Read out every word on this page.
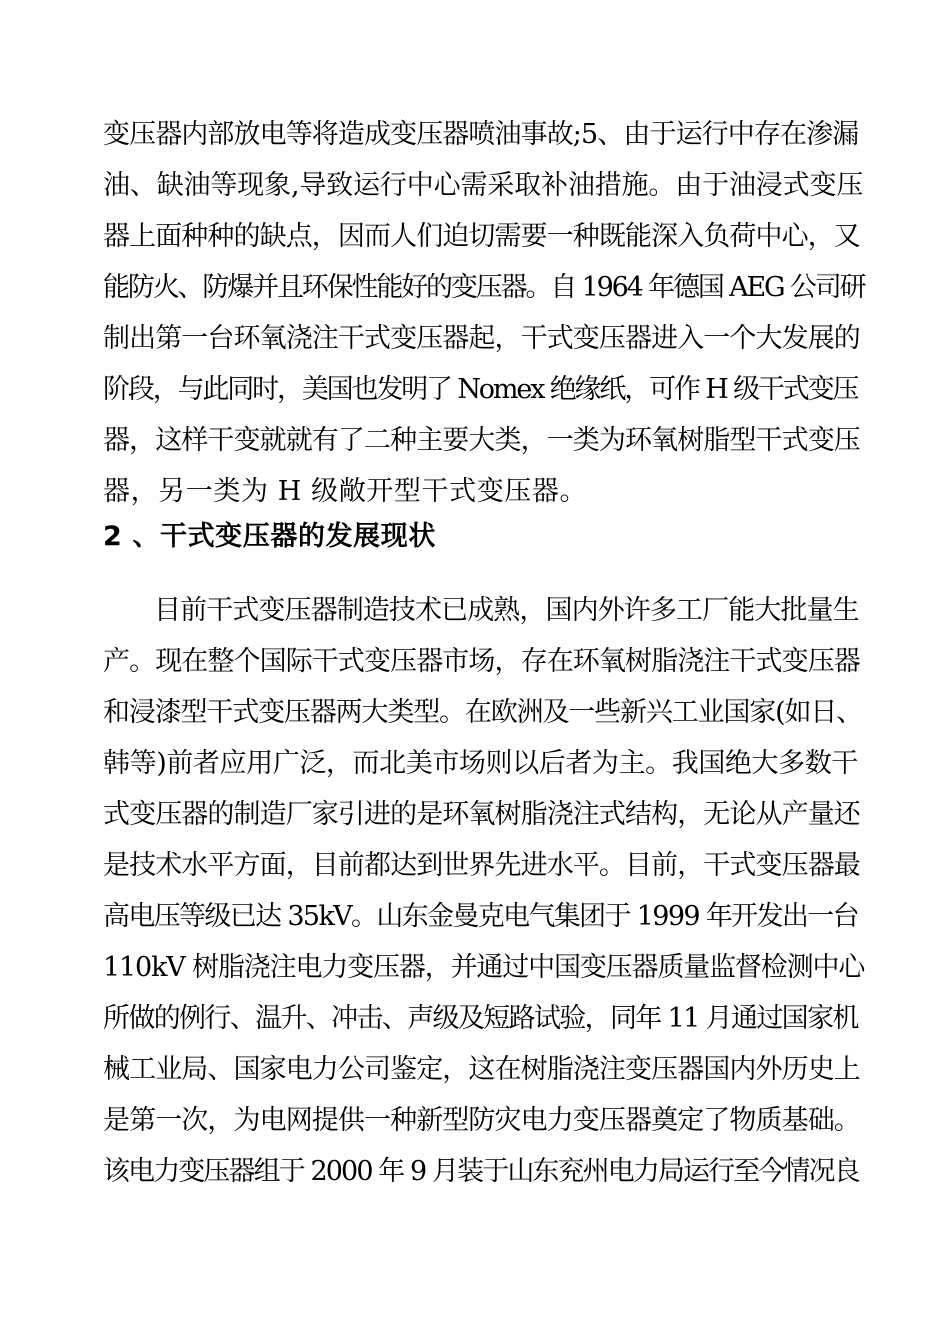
变压器内部放电等将造成变压器喷油事故;5、由于运行中存在渗漏
油、缺油等现象,导致运行中心需采取补油措施。由于油浸式变压
器上面种种的缺点，因而人们迫切需要一种既能深入负荷中心，又
能防火、防爆并且环保性能好的变压器。自 1964 年德国 AEG 公司研
制出第一台环氧浇注干式变压器起，干式变压器进入一个大发展的
阶段，与此同时，美国也发明了 Nomex 绝缘纸，可作 H 级干式变压
器，这样干变就就有了二种主要大类，一类为环氧树脂型干式变压
器，另一类为 H 级敞开型干式变压器。
2 、干式变压器的发展现状
目前干式变压器制造技术已成熟，国内外许多工厂能大批量生
产。现在整个国际干式变压器市场，存在环氧树脂浇注干式变压器
和浸漆型干式变压器两大类型。在欧洲及一些新兴工业国家(如日、
韩等)前者应用广泛，而北美市场则以后者为主。我国绝大多数干
式变压器的制造厂家引进的是环氧树脂浇注式结构，无论从产量还
是技术水平方面，目前都达到世界先进水平。目前，干式变压器最
高电压等级已达 35kV。山东金曼克电气集团于 1999 年开发出一台
110kV 树脂浇注电力变压器，并通过中国变压器质量监督检测中心
所做的例行、温升、冲击、声级及短路试验，同年 11 月通过国家机
械工业局、国家电力公司鉴定，这在树脂浇注变压器国内外历史上
是第一次，为电网提供一种新型防灾电力变压器奠定了物质基础。
该电力变压器组于 2000 年 9 月装于山东兖州电力局运行至今情况良
